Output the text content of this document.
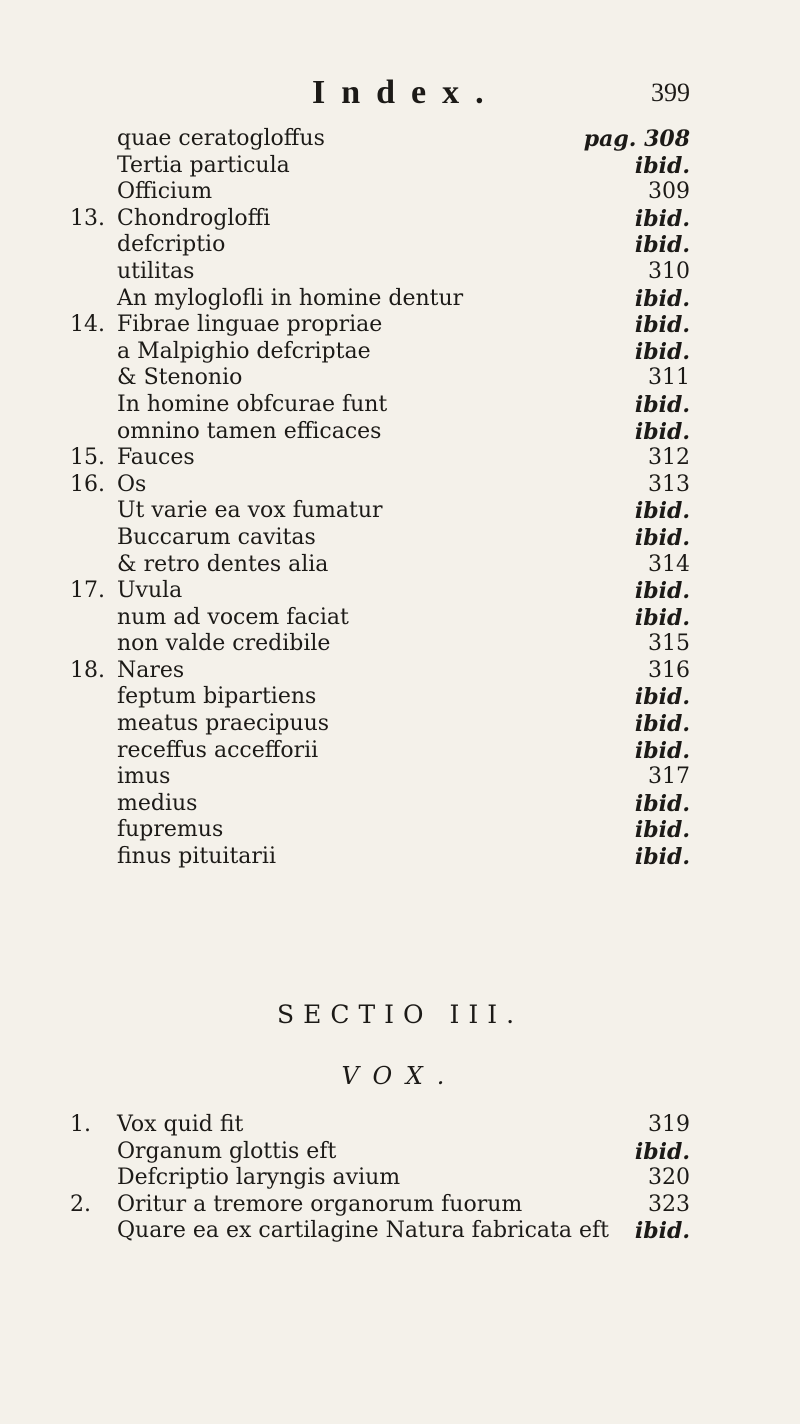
Index.	399
quae ceratogloffus	pag. 308
Tertia particula	ibid.
Officium	309
13. Chondrogloffi	ibid.
defcriptio	ibid.
utilitas	310
An myloglofli in homine dentur	ibid.
14. Fibrae linguae propriae	ibid.
a Malpighio defcriptae	ibid.
& Stenonio	311
In homine obfcurae funt	ibid.
omnino tamen efficaces	ibid.
15. Fauces	312
16. Os	313
Ut varie ea vox fumatur	ibid.
Buccarum cavitas	ibid.
& retro dentes alia	314
17. Uvula	ibid.
num ad vocem faciat	ibid.
non valde credibile	315
18. Nares	316
feptum bipartiens	ibid.
meatus praecipuus	ibid.
receffus accefforii	ibid.
imus	317
medius	ibid.
fupremus	ibid.
finus pituitarii	ibid.
SECTIO III.
VOX.
1.	Vox quid fit	319
Organum glottis eft	ibid.
Defcriptio laryngis avium	320
2.	Oritur a tremore organorum fuorum	323
Quare ea ex cartilagine Natura fabricata eft ibid.
